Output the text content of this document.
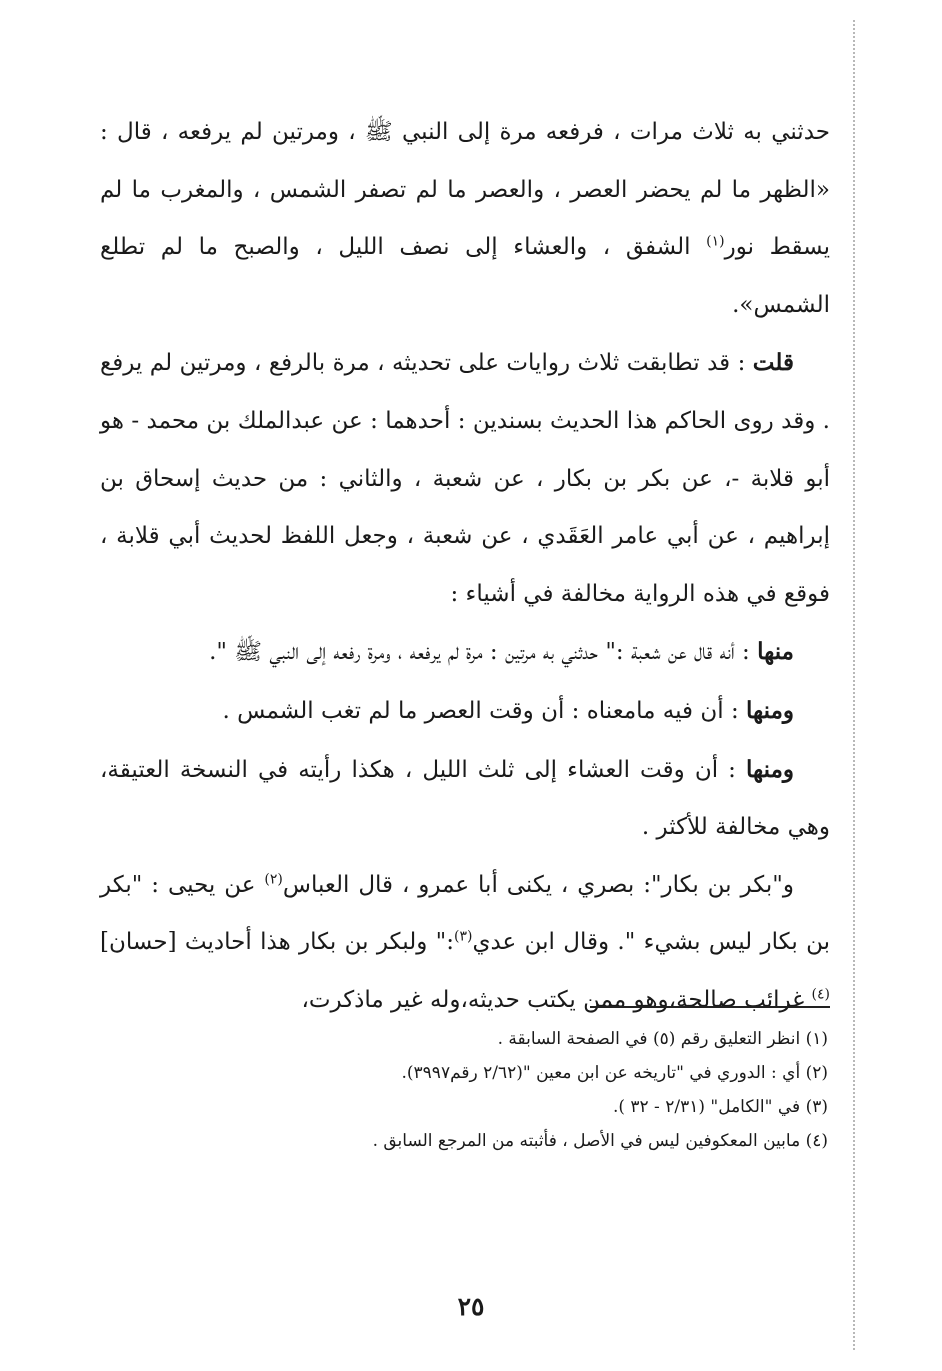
حدثني به ثلاث مرات ، فرفعه مرة إلى النبي ﷺ ، ومرتين لم يرفعه ، قال : «الظهر ما لم يحضر العصر ، والعصر ما لم تصفر الشمس ، والمغرب ما لم يسقط نور$^{(١)}$ الشفق ، والعشاء إلى نصف الليل ، والصبح ما لم تطلع الشمس».

قلت : قد تطابقت ثلاث روايات على تحديثه ، مرة بالرفع ، ومرتين لم يرفع . وقد روى الحاكم هذا الحديث بسندين : أحدهما : عن عبدالملك بن محمد - هو أبو قلابة -، عن بكر بن بكار ، عن شعبة ، والثاني : من حديث إسحاق بن إبراهيم ، عن أبي عامر العَقَدي ، عن شعبة ، وجعل اللفظ لحديث أبي قلابة ، فوقع في هذه الرواية مخالفة في أشياء :

منها : أنه قال عن شعبة :" حدثني به مرتين : مرة لم يرفعه ، ومرة رفعه إلى النبي ﷺ ".

ومنها : أن فيه مامعناه : أن وقت العصر ما لم تغب الشمس .

ومنها : أن وقت العشاء إلى ثلث الليل ، هكذا رأيته في النسخة العتيقة، وهي مخالفة للأكثر .

و"بكر بن بكار": بصري ، يكنى أبا عمرو ، قال العباس$^{(٢)}$ عن يحيى : "بكر بن بكار ليس بشيء ". وقال ابن عدي$^{(٣)}$:" ولبكر بن بكار هذا أحاديث [حسان]$^{(٤)}$ غرائب صالحة،وهو ممن يكتب حديثه،وله غير ماذكرت،

(١) انظر التعليق رقم (٥) في الصفحة السابقة .

(٢) أي : الدوري في "تاريخه عن ابن معين "(٢/٦٢ رقم٣٩٩٧).

(٣) في "الكامل" (٢/٣١ - ٣٢ ).

(٤) مابين المعكوفين ليس في الأصل ، فأثبته من المرجع السابق .

٢٥
